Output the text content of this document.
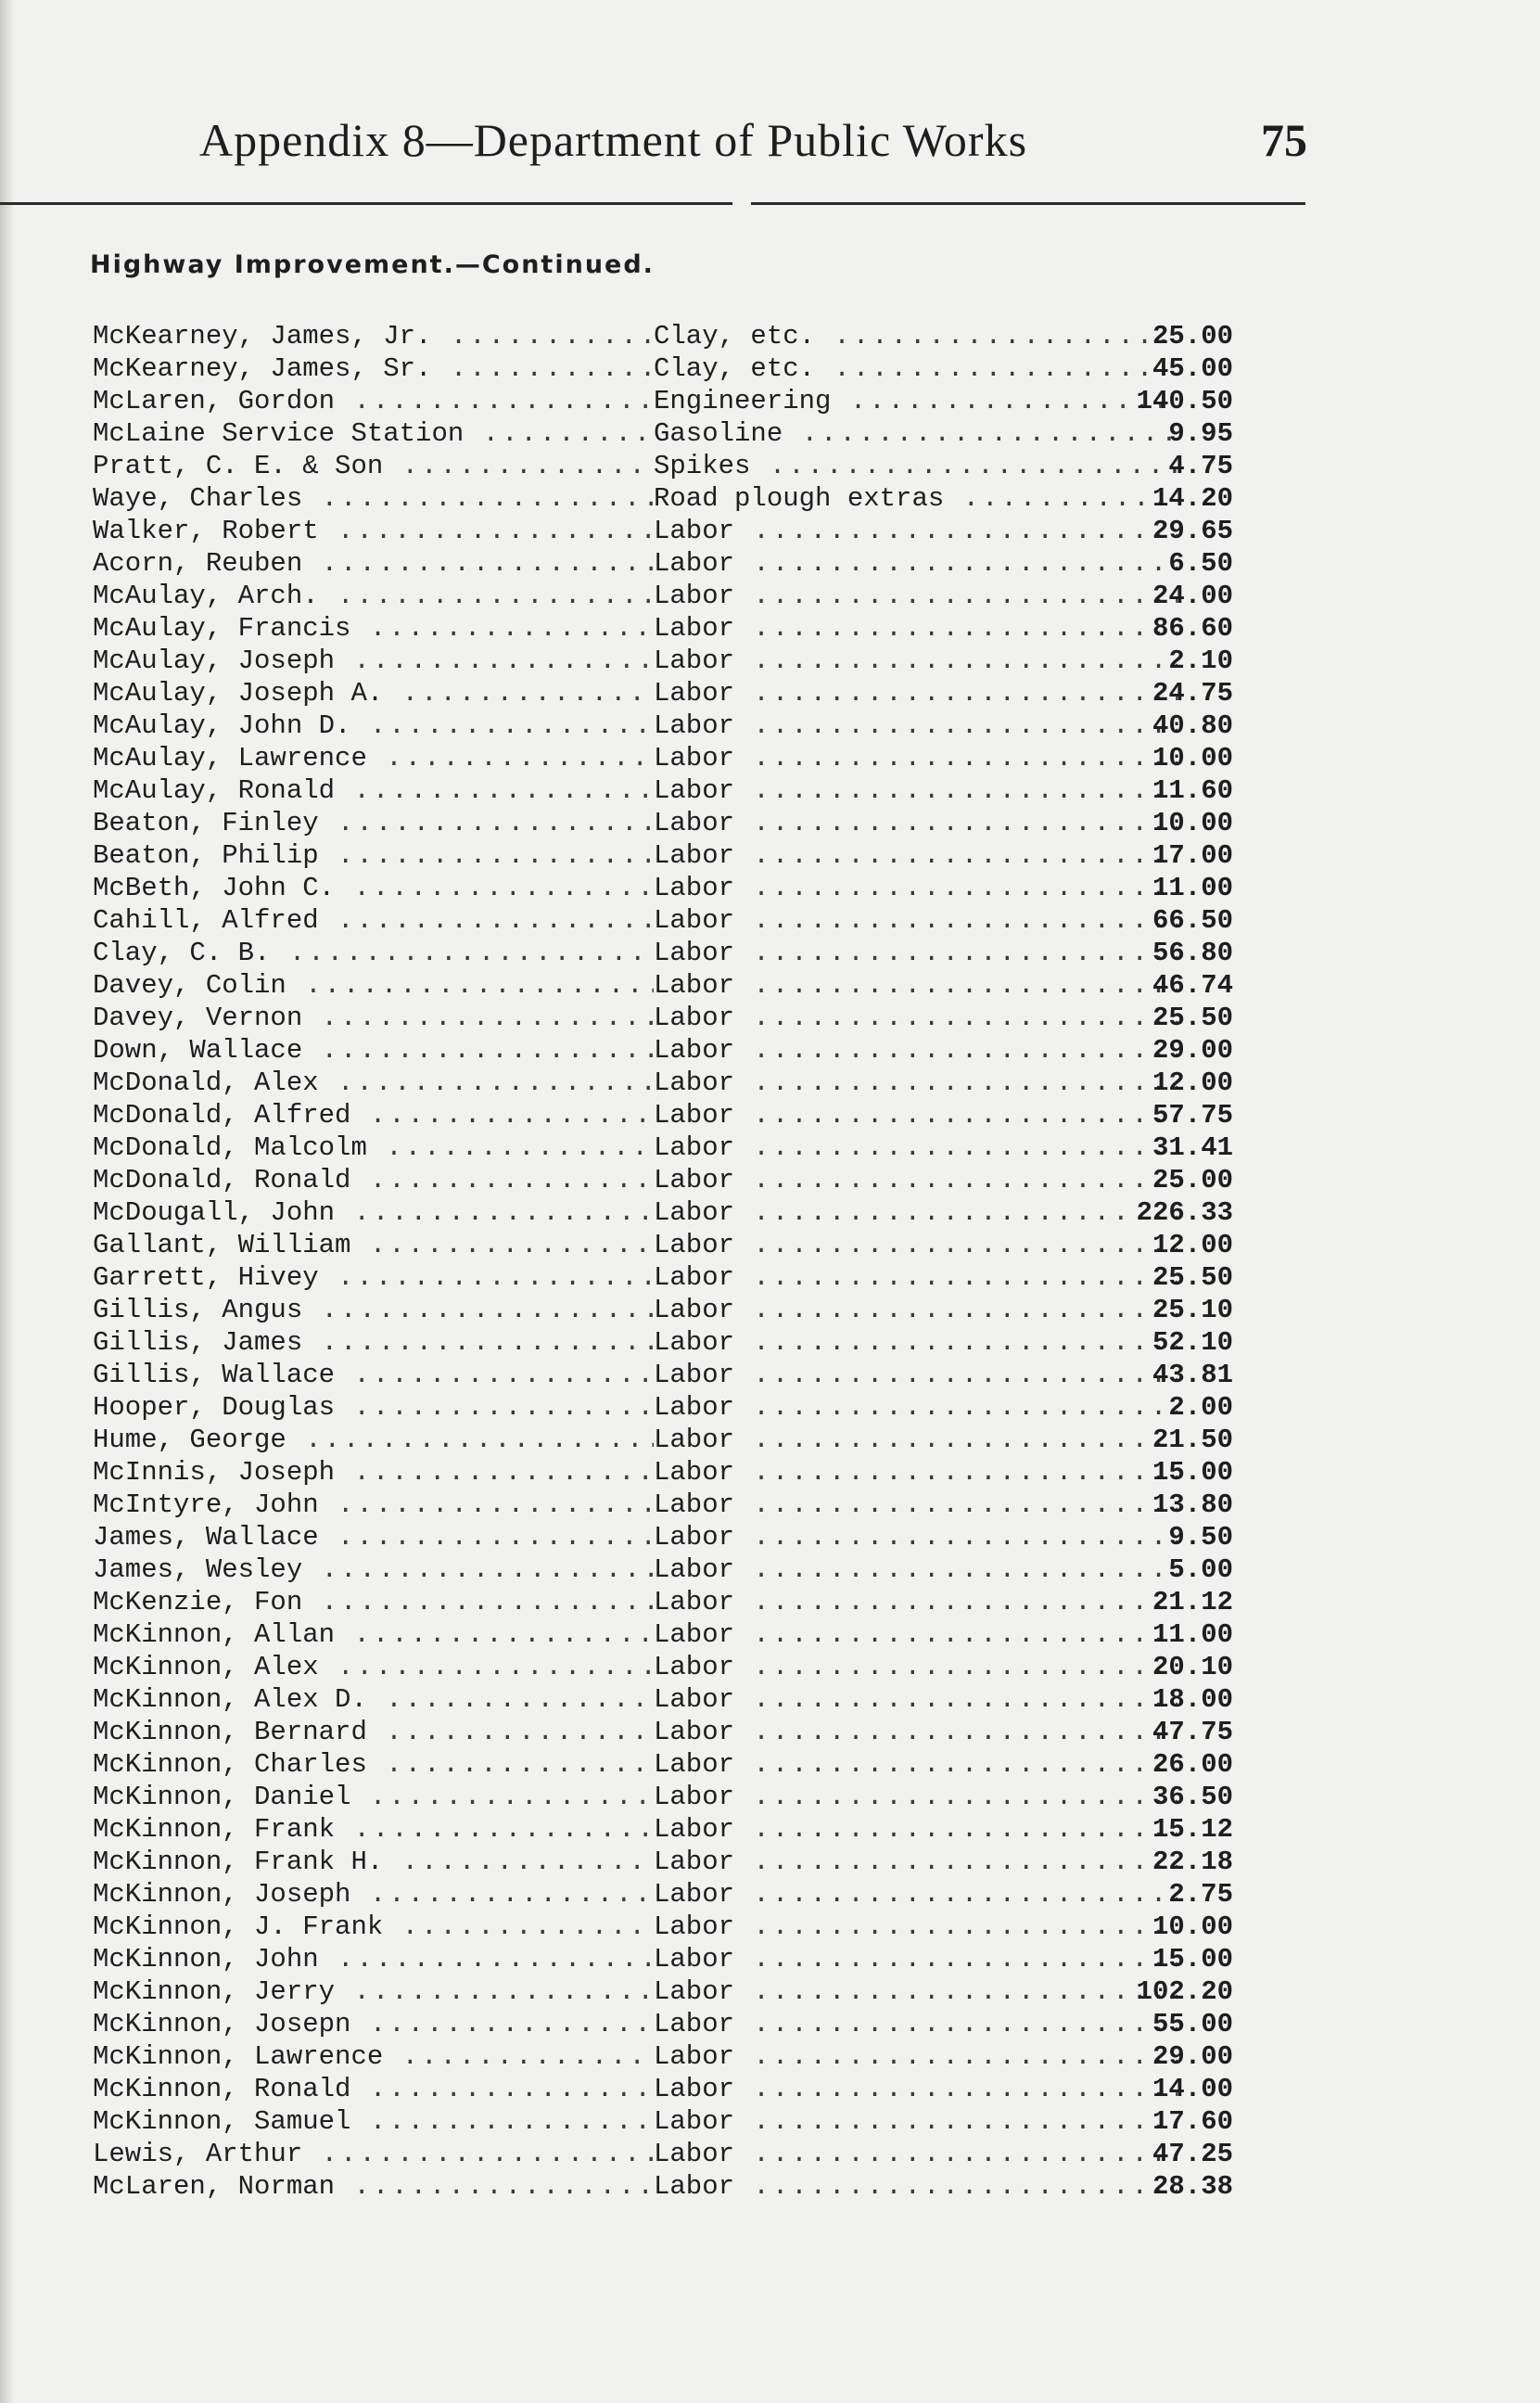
Appendix 8—Department of Public Works	75
Highway Improvement.—Continued.
McKearney, James, Jr. .....	Clay, etc. .....	25.00
McKearney, James, Sr. .....	Clay, etc. .....	45.00
McLaren, Gordon .....	Engineering .....	140.50
McLaine Service Station .....	Gasoline .....	9.95
Pratt, C. E. & Son .....	Spikes .....	4.75
Waye, Charles .....	Road plough extras .....	14.20
Walker, Robert .....	Labor .....	29.65
Acorn, Reuben .....	Labor .....	6.50
McAulay, Arch. .....	Labor .....	24.00
McAulay, Francis .....	Labor .....	86.60
McAulay, Joseph .....	Labor .....	2.10
McAulay, Joseph A. .....	Labor .....	24.75
McAulay, John D. .....	Labor .....	40.80
McAulay, Lawrence .....	Labor .....	10.00
McAulay, Ronald .....	Labor .....	11.60
Beaton, Finley .....	Labor .....	10.00
Beaton, Philip .....	Labor .....	17.00
McBeth, John C. .....	Labor .....	11.00
Cahill, Alfred .....	Labor .....	66.50
Clay, C. B. .....	Labor .....	56.80
Davey, Colin .....	Labor .....	46.74
Davey, Vernon .....	Labor .....	25.50
Down, Wallace .....	Labor .....	29.00
McDonald, Alex .....	Labor .....	12.00
McDonald, Alfred .....	Labor .....	57.75
McDonald, Malcolm .....	Labor .....	31.41
McDonald, Ronald .....	Labor .....	25.00
McDougall, John .....	Labor .....	226.33
Gallant, William .....	Labor .....	12.00
Garrett, Hivey .....	Labor .....	25.50
Gillis, Angus .....	Labor .....	25.10
Gillis, James .....	Labor .....	52.10
Gillis, Wallace .....	Labor .....	43.81
Hooper, Douglas .....	Labor .....	2.00
Hume, George .....	Labor .....	21.50
McInnis, Joseph .....	Labor .....	15.00
McIntyre, John .....	Labor .....	13.80
James, Wallace .....	Labor .....	9.50
James, Wesley .....	Labor .....	5.00
McKenzie, Fon .....	Labor .....	21.12
McKinnon, Allan .....	Labor .....	11.00
McKinnon, Alex .....	Labor .....	20.10
McKinnon, Alex D. .....	Labor .....	18.00
McKinnon, Bernard .....	Labor .....	47.75
McKinnon, Charles .....	Labor .....	26.00
McKinnon, Daniel .....	Labor .....	36.50
McKinnon, Frank .....	Labor .....	15.12
McKinnon, Frank H. .....	Labor .....	22.18
McKinnon, Joseph .....	Labor .....	2.75
McKinnon, J. Frank .....	Labor .....	10.00
McKinnon, John .....	Labor .....	15.00
McKinnon, Jerry .....	Labor .....	102.20
McKinnon, Josepn .....	Labor .....	55.00
McKinnon, Lawrence .....	Labor .....	29.00
McKinnon, Ronald .....	Labor .....	14.00
McKinnon, Samuel .....	Labor .....	17.60
Lewis, Arthur .....	Labor .....	47.25
McLaren, Norman .....	Labor .....	28.38
